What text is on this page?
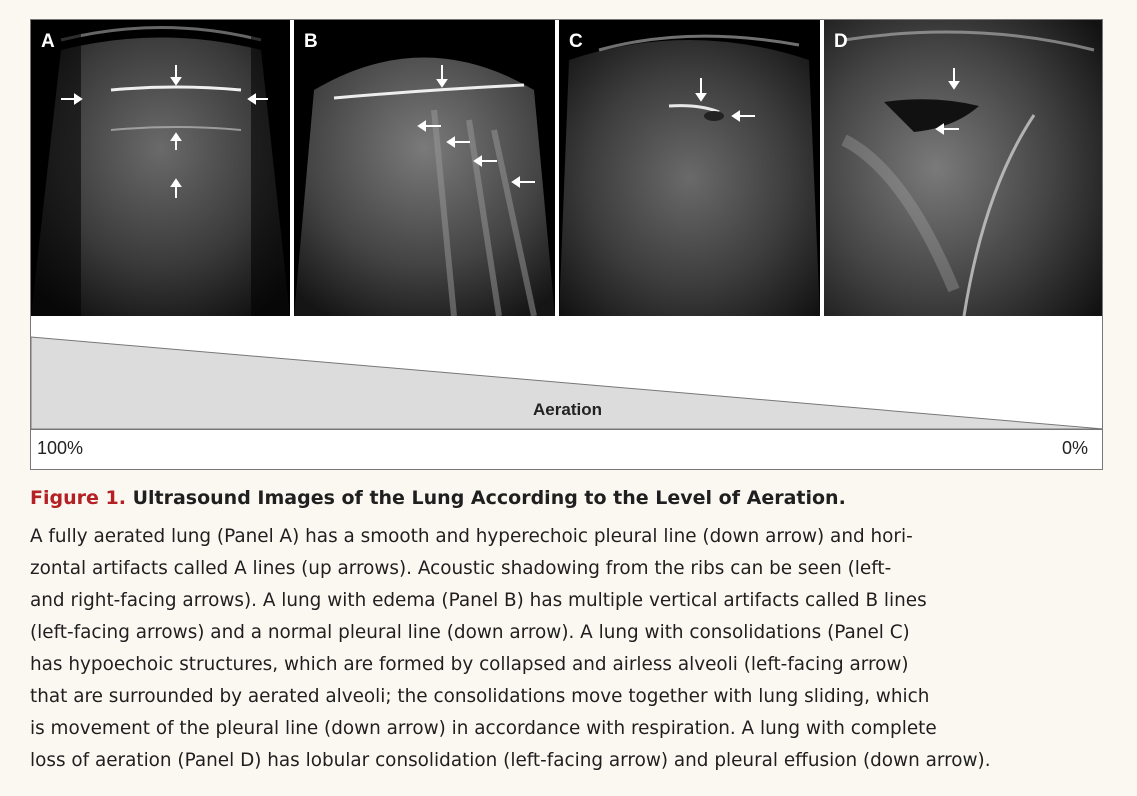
A	B	C	D
Aeration
100%	0%

Figure 1. Ultrasound Images of the Lung According to the Level of Aeration.

A fully aerated lung (Panel A) has a smooth and hyperechoic pleural line (down arrow) and hori-
zontal artifacts called A lines (up arrows). Acoustic shadowing from the ribs can be seen (left-
and right-facing arrows). A lung with edema (Panel B) has multiple vertical artifacts called B lines
(left-facing arrows) and a normal pleural line (down arrow). A lung with consolidations (Panel C)
has hypoechoic structures, which are formed by collapsed and airless alveoli (left-facing arrow)
that are surrounded by aerated alveoli; the consolidations move together with lung sliding, which
is movement of the pleural line (down arrow) in accordance with respiration. A lung with complete
loss of aeration (Panel D) has lobular consolidation (left-facing arrow) and pleural effusion (down arrow).
